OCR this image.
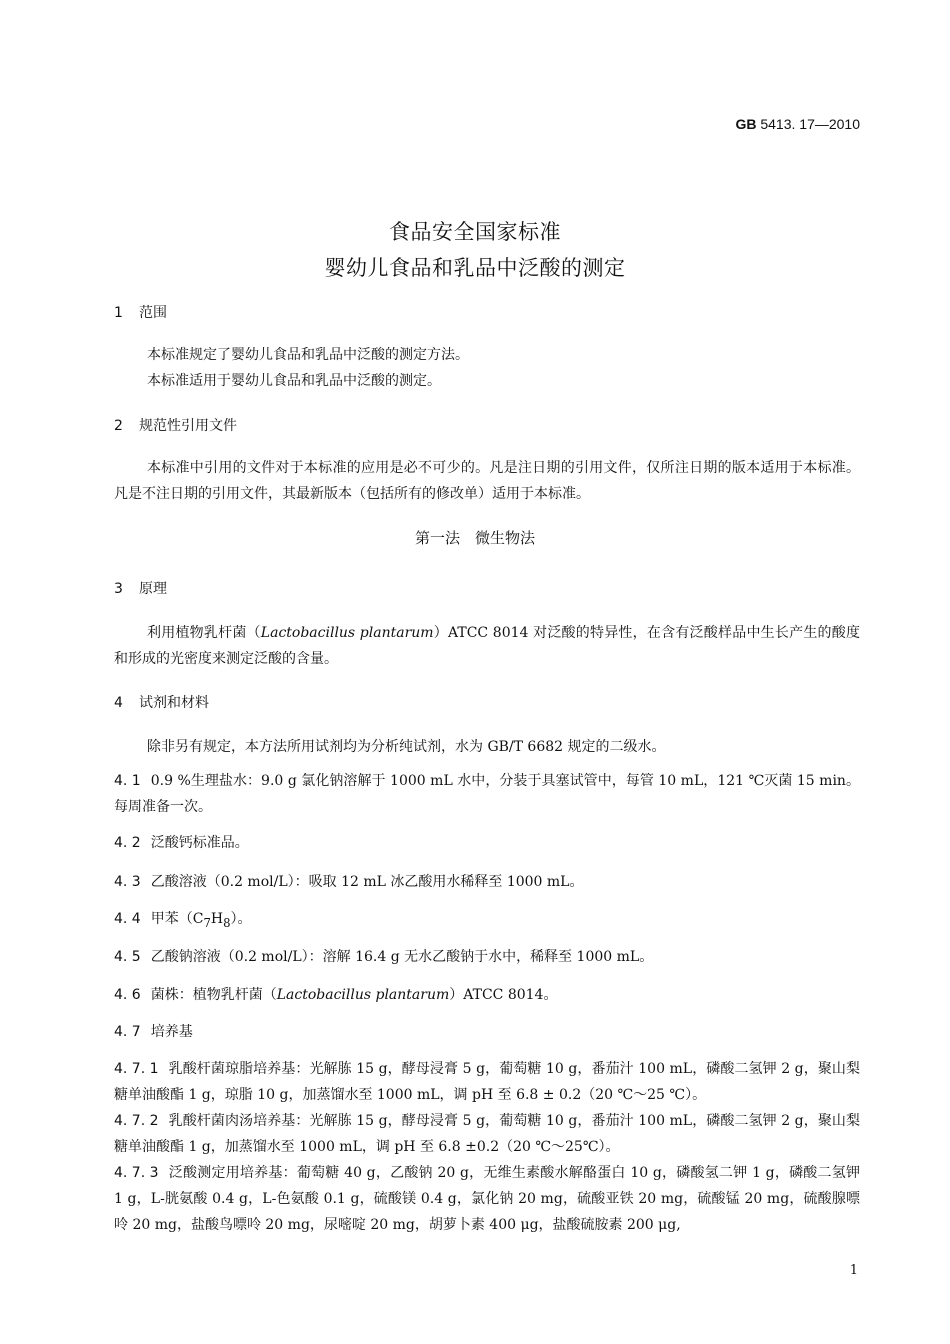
GB 5413. 17—2010
食品安全国家标准
婴幼儿食品和乳品中泛酸的测定
1 范围
本标准规定了婴幼儿食品和乳品中泛酸的测定方法。
本标准适用于婴幼儿食品和乳品中泛酸的测定。
2 规范性引用文件
本标准中引用的文件对于本标准的应用是必不可少的。凡是注日期的引用文件，仅所注日期的版本适用于本标准。凡是不注日期的引用文件，其最新版本（包括所有的修改单）适用于本标准。
第一法　微生物法
3 原理
利用植物乳杆菌（Lactobacillus plantarum）ATCC 8014 对泛酸的特异性，在含有泛酸样品中生长产生的酸度和形成的光密度来测定泛酸的含量。
4 试剂和材料
除非另有规定，本方法所用试剂均为分析纯试剂，水为 GB/T 6682 规定的二级水。
4. 1 0.9 %生理盐水：9.0 g 氯化钠溶解于 1000 mL 水中，分装于具塞试管中，每管 10 mL，121 ℃灭菌 15 min。每周准备一次。
4. 2 泛酸钙标准品。
4. 3 乙酸溶液（0.2 mol/L）：吸取 12 mL 冰乙酸用水稀释至 1000 mL。
4. 4 甲苯$(C_7H_8)$。
4. 5 乙酸钠溶液（0.2 mol/L）：溶解 16.4 g 无水乙酸钠于水中，稀释至 1000 mL。
4. 6 菌株：植物乳杆菌（Lactobacillus plantarum）ATCC 8014。
4. 7 培养基
4. 7. 1 乳酸杆菌琼脂培养基：光解胨 15 g，酵母浸膏 5 g，葡萄糖 10 g，番茄汁 100 mL，磷酸二氢钾 2 g，聚山梨糖单油酸酯 1 g，琼脂 10 g，加蒸馏水至 1000 mL，调 pH 至 6.8 ± 0.2（20 ℃～25 ℃）。
4. 7. 2 乳酸杆菌肉汤培养基：光解胨 15 g，酵母浸膏 5 g，葡萄糖 10 g，番茄汁 100 mL，磷酸二氢钾 2 g，聚山梨糖单油酸酯 1 g，加蒸馏水至 1000 mL，调 pH 至 6.8 ±0.2（20 ℃～25℃）。
4. 7. 3 泛酸测定用培养基：葡萄糖 40 g，乙酸钠 20 g，无维生素酸水解酪蛋白 10 g，磷酸氢二钾 1 g，磷酸二氢钾 1 g，L-胱氨酸 0.4 g，L-色氨酸 0.1 g，硫酸镁 0.4 g，氯化钠 20 mg，硫酸亚铁 20 mg，硫酸锰 20 mg，硫酸腺嘌呤 20 mg，盐酸鸟嘌呤 20 mg，尿嘧啶 20 mg，胡萝卜素 400 μg，盐酸硫胺素 200 μg,
1
